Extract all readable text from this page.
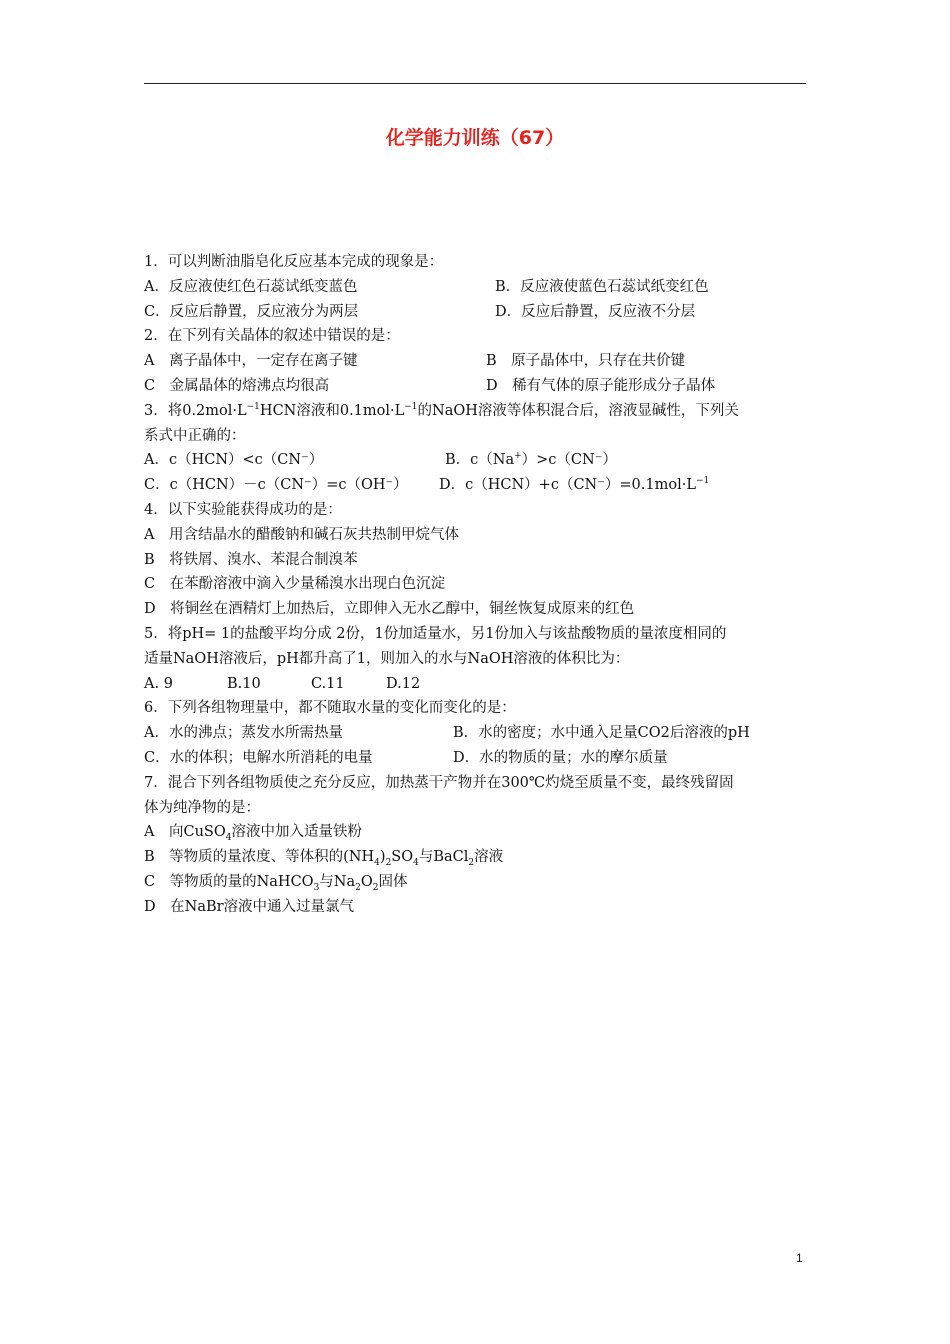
化学能力训练（67）
1．可以判断油脂皂化反应基本完成的现象是：
A．反应液使红色石蕊试纸变蓝色	B．反应液使蓝色石蕊试纸变红色
C．反应后静置，反应液分为两层	D．反应后静置，反应液不分层
2．在下列有关晶体的叙述中错误的是：
A　离子晶体中，一定存在离子键	B　原子晶体中，只存在共价键
C　金属晶体的熔沸点均很高	D　稀有气体的原子能形成分子晶体
3．将$0.2mol\cdot L^{-1}HCN$溶液和$0.1mol\cdot L^{-1}$的NaOH溶液等体积混合后，溶液显碱性，下列关
系式中正确的：
A．c（HCN）<c（CN⁻）	B．c（Na+）>c（CN⁻）
C．c（HCN）－c（CN⁻）=c（OH⁻） D．$c(HCN)+c(CN^-)=0.1mol\cdot L^{-1}$
4．以下实验能获得成功的是：
A　用含结晶水的醋酸钠和碱石灰共热制甲烷气体
B　将铁屑、溴水、苯混合制溴苯
C　在苯酚溶液中滴入少量稀溴水出现白色沉淀
D　将铜丝在酒精灯上加热后，立即伸入无水乙醇中，铜丝恢复成原来的红色
5．将pH= 1的盐酸平均分成 2份，1份加适量水，另1份加入与该盐酸物质的量浓度相同的
适量NaOH溶液后，pH都升高了1，则加入的水与NaOH溶液的体积比为：
A. 9	B.10	C.11	D.12
6．下列各组物理量中，都不随取水量的变化而变化的是：
A．水的沸点；蒸发水所需热量	B．水的密度；水中通入足量CO2后溶液的pH
C．水的体积；电解水所消耗的电量	D．水的物质的量；水的摩尔质量
7．混合下列各组物质使之充分反应，加热蒸干产物并在300℃灼烧至质量不变，最终残留固
体为纯净物的是：
A　向CuSO$_4$溶液中加入适量铁粉
B　等物质的量浓度、等体积的$(NH_4)_2SO_4$与BaCl$_2$溶液
C　等物质的量的NaHCO$_3$与$Na_2O_2$固体
D　在NaBr溶液中通入过量氯气
1
